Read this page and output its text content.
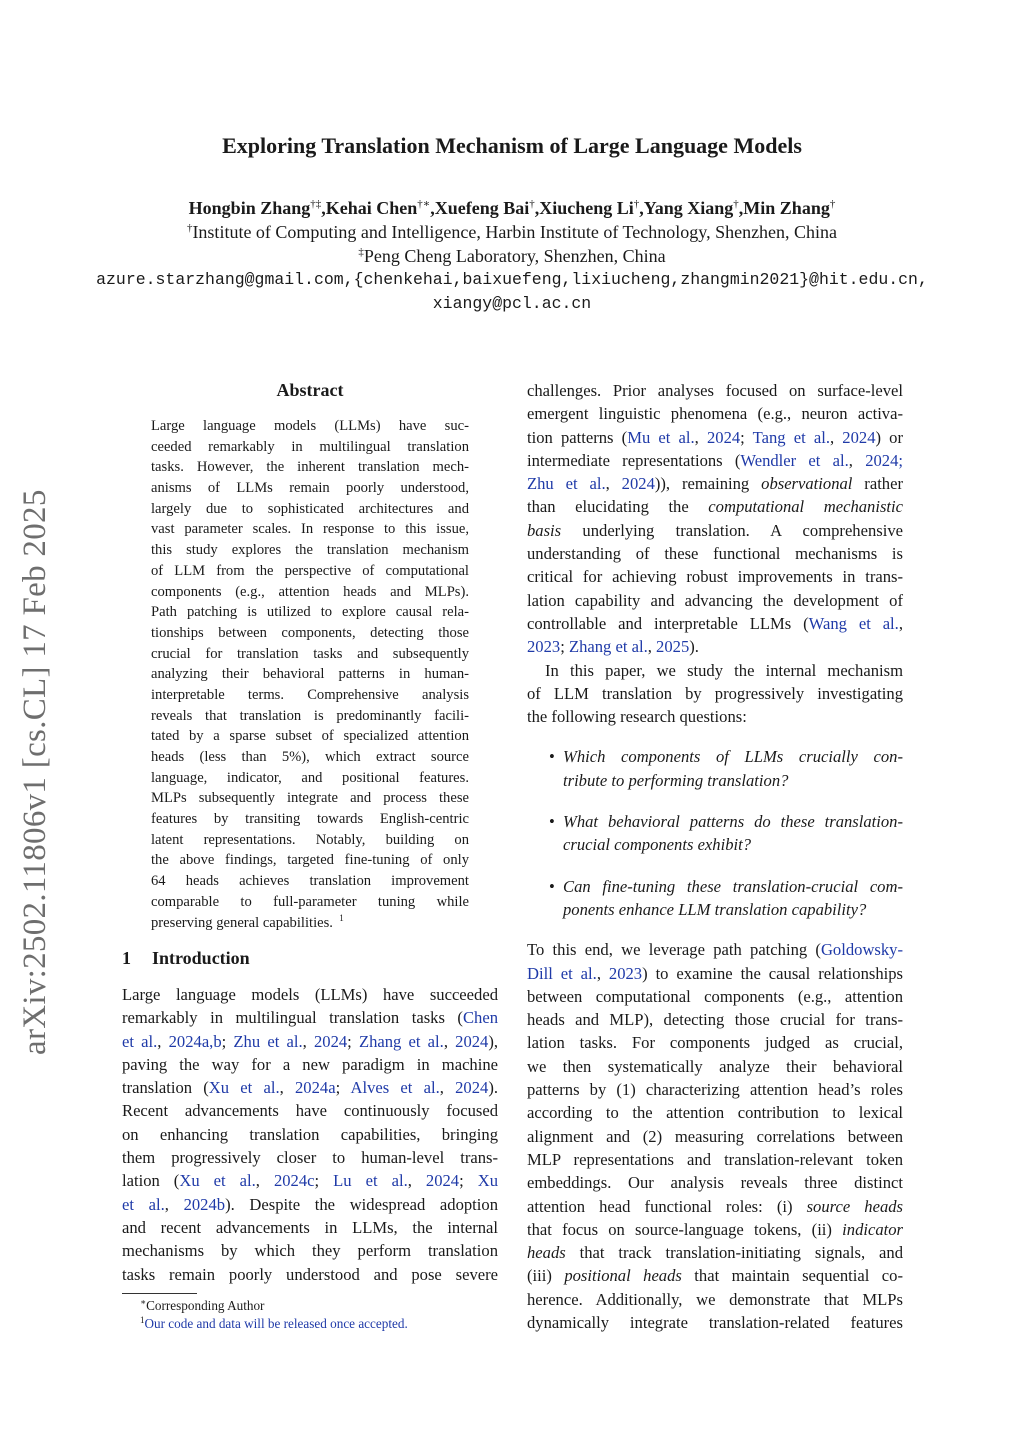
arXiv:2502.11806v1 [cs.CL] 17 Feb 2025
Exploring Translation Mechanism of Large Language Models
Hongbin Zhang†‡,Kehai Chen†∗,Xuefeng Bai†,Xiucheng Li†,Yang Xiang†,Min Zhang†
†Institute of Computing and Intelligence, Harbin Institute of Technology, Shenzhen, China
‡Peng Cheng Laboratory, Shenzhen, China
azure.starzhang@gmail.com,{chenkehai,baixuefeng,lixiucheng,zhangmin2021}@hit.edu.cn,
xiangy@pcl.ac.cn
Abstract
Large language models (LLMs) have suc-
ceeded remarkably in multilingual translation
tasks. However, the inherent translation mech-
anisms of LLMs remain poorly understood,
largely due to sophisticated architectures and
vast parameter scales. In response to this issue,
this study explores the translation mechanism
of LLM from the perspective of computational
components (e.g., attention heads and MLPs).
Path patching is utilized to explore causal rela-
tionships between components, detecting those
crucial for translation tasks and subsequently
analyzing their behavioral patterns in human-
interpretable terms. Comprehensive analysis
reveals that translation is predominantly facili-
tated by a sparse subset of specialized attention
heads (less than 5%), which extract source
language, indicator, and positional features.
MLPs subsequently integrate and process these
features by transiting towards English-centric
latent representations. Notably, building on
the above findings, targeted fine-tuning of only
64 heads achieves translation improvement
comparable to full-parameter tuning while
preserving general capabilities. $^1$
1 Introduction
Large language models (LLMs) have succeeded
remarkably in multilingual translation tasks (Chen
et al., 2024a,b; Zhu et al., 2024; Zhang et al., 2024),
paving the way for a new paradigm in machine
translation (Xu et al., 2024a; Alves et al., 2024).
Recent advancements have continuously focused
on enhancing translation capabilities, bringing
them progressively closer to human-level trans-
lation (Xu et al., 2024c; Lu et al., 2024; Xu
et al., 2024b). Despite the widespread adoption
and recent advancements in LLMs, the internal
mechanisms by which they perform translation
tasks remain poorly understood and pose severe
challenges. Prior analyses focused on surface-level
emergent linguistic phenomena (e.g., neuron activa-
tion patterns (Mu et al., 2024; Tang et al., 2024) or
intermediate representations (Wendler et al., 2024;
Zhu et al., 2024)), remaining observational rather
than elucidating the computational mechanistic
basis underlying translation. A comprehensive
understanding of these functional mechanisms is
critical for achieving robust improvements in trans-
lation capability and advancing the development of
controllable and interpretable LLMs (Wang et al.,
2023; Zhang et al., 2025).
In this paper, we study the internal mechanism
of LLM translation by progressively investigating
the following research questions:
• Which components of LLMs crucially con-
tribute to performing translation?
• What behavioral patterns do these translation-
crucial components exhibit?
• Can fine-tuning these translation-crucial com-
ponents enhance LLM translation capability?
To this end, we leverage path patching (Goldowsky-
Dill et al., 2023) to examine the causal relationships
between computational components (e.g., attention
heads and MLP), detecting those crucial for trans-
lation tasks. For components judged as crucial,
we then systematically analyze their behavioral
patterns by (1) characterizing attention head’s roles
according to the attention contribution to lexical
alignment and (2) measuring correlations between
MLP representations and translation-relevant token
embeddings. Our analysis reveals three distinct
attention head functional roles: (i) source heads
that focus on source-language tokens, (ii) indicator
heads that track translation-initiating signals, and
(iii) positional heads that maintain sequential co-
herence. Additionally, we demonstrate that MLPs
dynamically integrate translation-related features
∗Corresponding Author
$^1$Our code and data will be released once accepted.
